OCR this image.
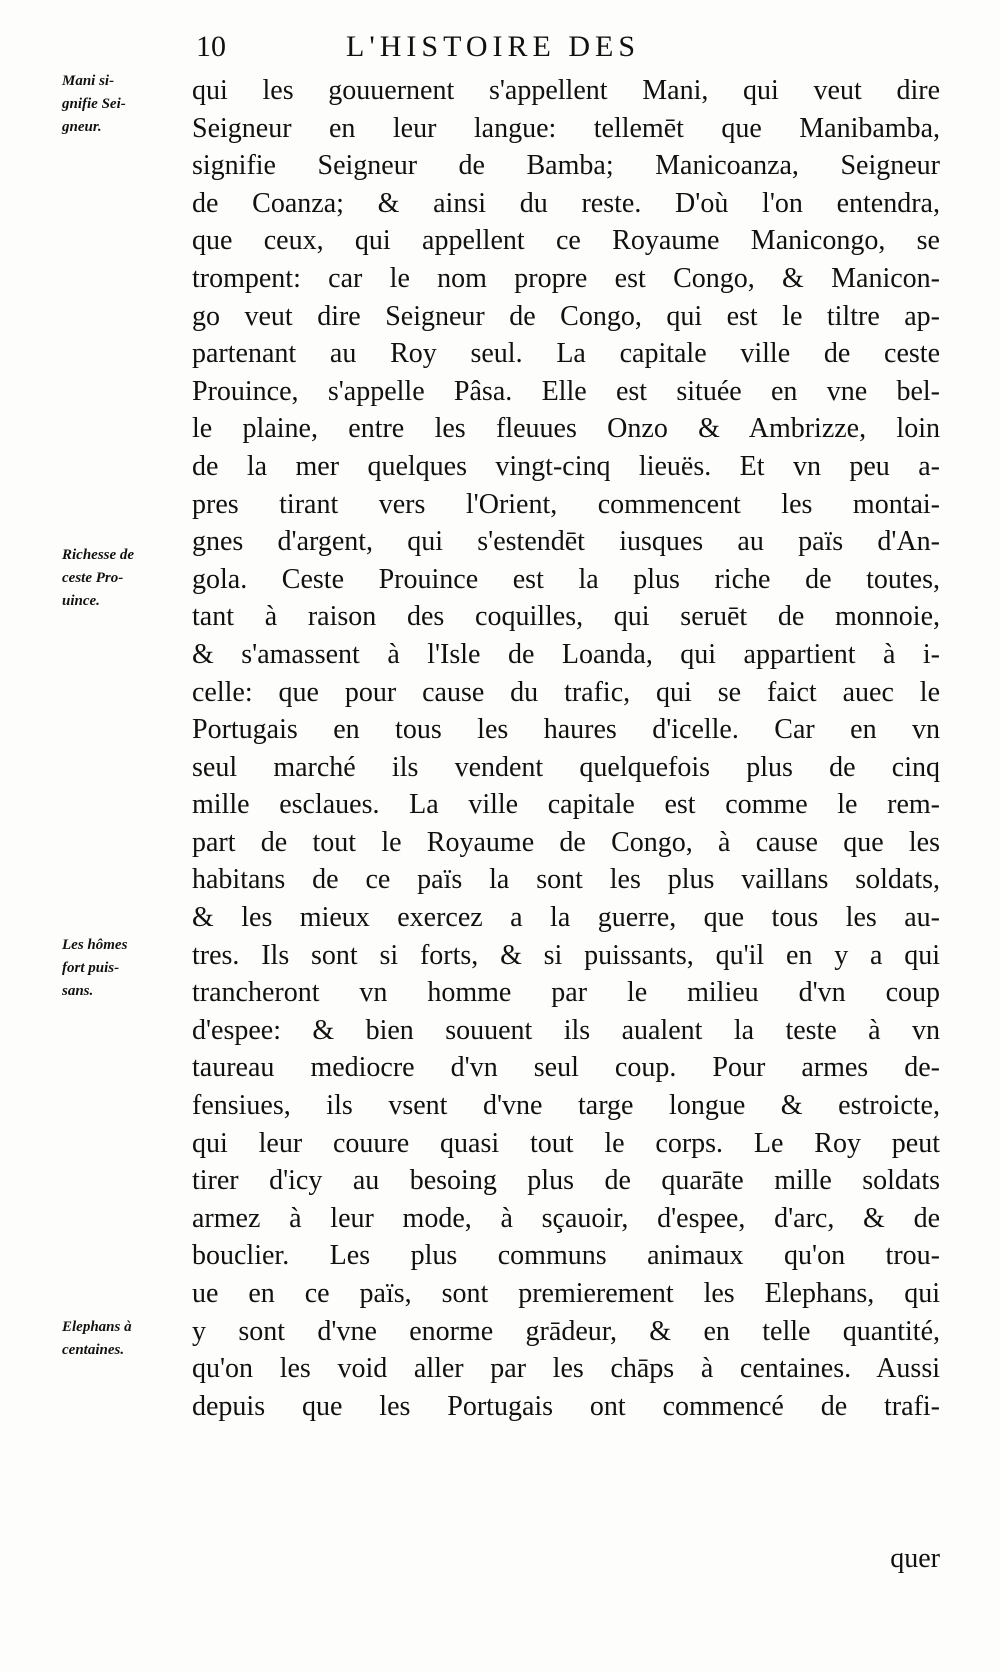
10	L'HISTOIRE DES
Mani si-
gnifie Sei-
gneur.
Richesse de
ceste Pro-
uince.
Les hômes
fort puis-
sans.
Elephans à
centaines.
qui les gouuernent s'appellent Mani, qui veut dire
Seigneur en leur langue: tellemēt que Manibamba,
signifie Seigneur de Bamba; Manicoanza, Seigneur
de Coanza; & ainsi du reste. D'où l'on entendra,
que ceux, qui appellent ce Royaume Manicongo, se
trompent: car le nom propre est Congo, & Manicon-
go veut dire Seigneur de Congo, qui est le tiltre ap-
partenant au Roy seul. La capitale ville de ceste
Prouince, s'appelle Pâsa. Elle est située en vne bel-
le plaine, entre les fleuues Onzo & Ambrizze, loin
de la mer quelques vingt-cinq lieuës. Et vn peu a-
pres tirant vers l'Orient, commencent les montai-
gnes d'argent, qui s'estendēt iusques au païs d'An-
gola. Ceste Prouince est la plus riche de toutes,
tant à raison des coquilles, qui seruēt de monnoie,
& s'amassent à l'Isle de Loanda, qui appartient à i-
celle: que pour cause du trafic, qui se faict auec le
Portugais en tous les haures d'icelle. Car en vn
seul marché ils vendent quelquefois plus de cinq
mille esclaues. La ville capitale est comme le rem-
part de tout le Royaume de Congo, à cause que les
habitans de ce païs la sont les plus vaillans soldats,
& les mieux exercez a la guerre, que tous les au-
tres. Ils sont si forts, & si puissants, qu'il en y a qui
trancheront vn homme par le milieu d'vn coup
d'espee: & bien souuent ils aualent la teste à vn
taureau mediocre d'vn seul coup. Pour armes de-
fensiues, ils vsent d'vne targe longue & estroicte,
qui leur couure quasi tout le corps. Le Roy peut
tirer d'icy au besoing plus de quarāte mille soldats
armez à leur mode, à sçauoir, d'espee, d'arc, & de
bouclier. Les plus communs animaux qu'on trou-
ue en ce païs, sont premierement les Elephans, qui
y sont d'vne enorme grādeur, & en telle quantité,
qu'on les void aller par les chāps à centaines. Aussi
depuis que les Portugais ont commencé de trafi-
quer
